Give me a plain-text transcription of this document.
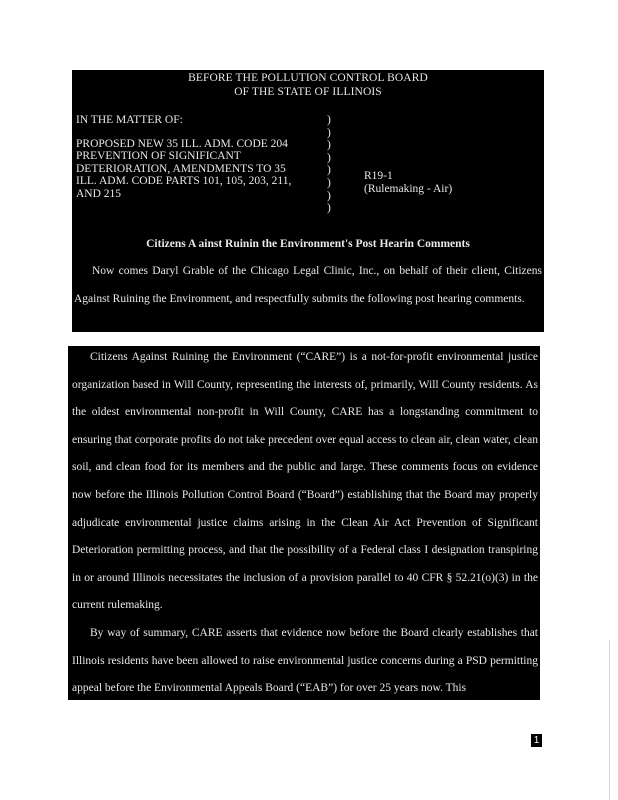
BEFORE THE POLLUTION CONTROL BOARD
OF THE STATE OF ILLINOIS
IN THE MATTER OF:
PROPOSED NEW 35 ILL. ADM. CODE 204
PREVENTION OF SIGNIFICANT
DETERIORATION, AMENDMENTS TO 35
ILL. ADM. CODE PARTS 101, 105, 203, 211,
AND 215
)
)
)
)
)
)
)
)
R19-1
(Rulemaking - Air)
Citizens A ainst Ruinin the Environment's Post Hearin Comments
Now comes Daryl Grable of the Chicago Legal Clinic, Inc., on behalf of their client, Citizens Against Ruining the Environment, and respectfully submits the following post hearing comments.
Citizens Against Ruining the Environment (“CARE”) is a not-for-profit environmental justice organization based in Will County, representing the interests of, primarily, Will County residents. As the oldest environmental non-profit in Will County, CARE has a longstanding commitment to ensuring that corporate profits do not take precedent over equal access to clean air, clean water, clean soil, and clean food for its members and the public and large. These comments focus on evidence now before the Illinois Pollution Control Board (“Board”) establishing that the Board may properly adjudicate environmental justice claims arising in the Clean Air Act Prevention of Significant Deterioration permitting process, and that the possibility of a Federal class I designation transpiring in or around Illinois necessitates the inclusion of a provision parallel to 40 CFR § 52.21(o)(3) in the current rulemaking.
By way of summary, CARE asserts that evidence now before the Board clearly establishes that Illinois residents have been allowed to raise environmental justice concerns during a PSD permitting appeal before the Environmental Appeals Board (“EAB”) for over 25 years now. This
1
